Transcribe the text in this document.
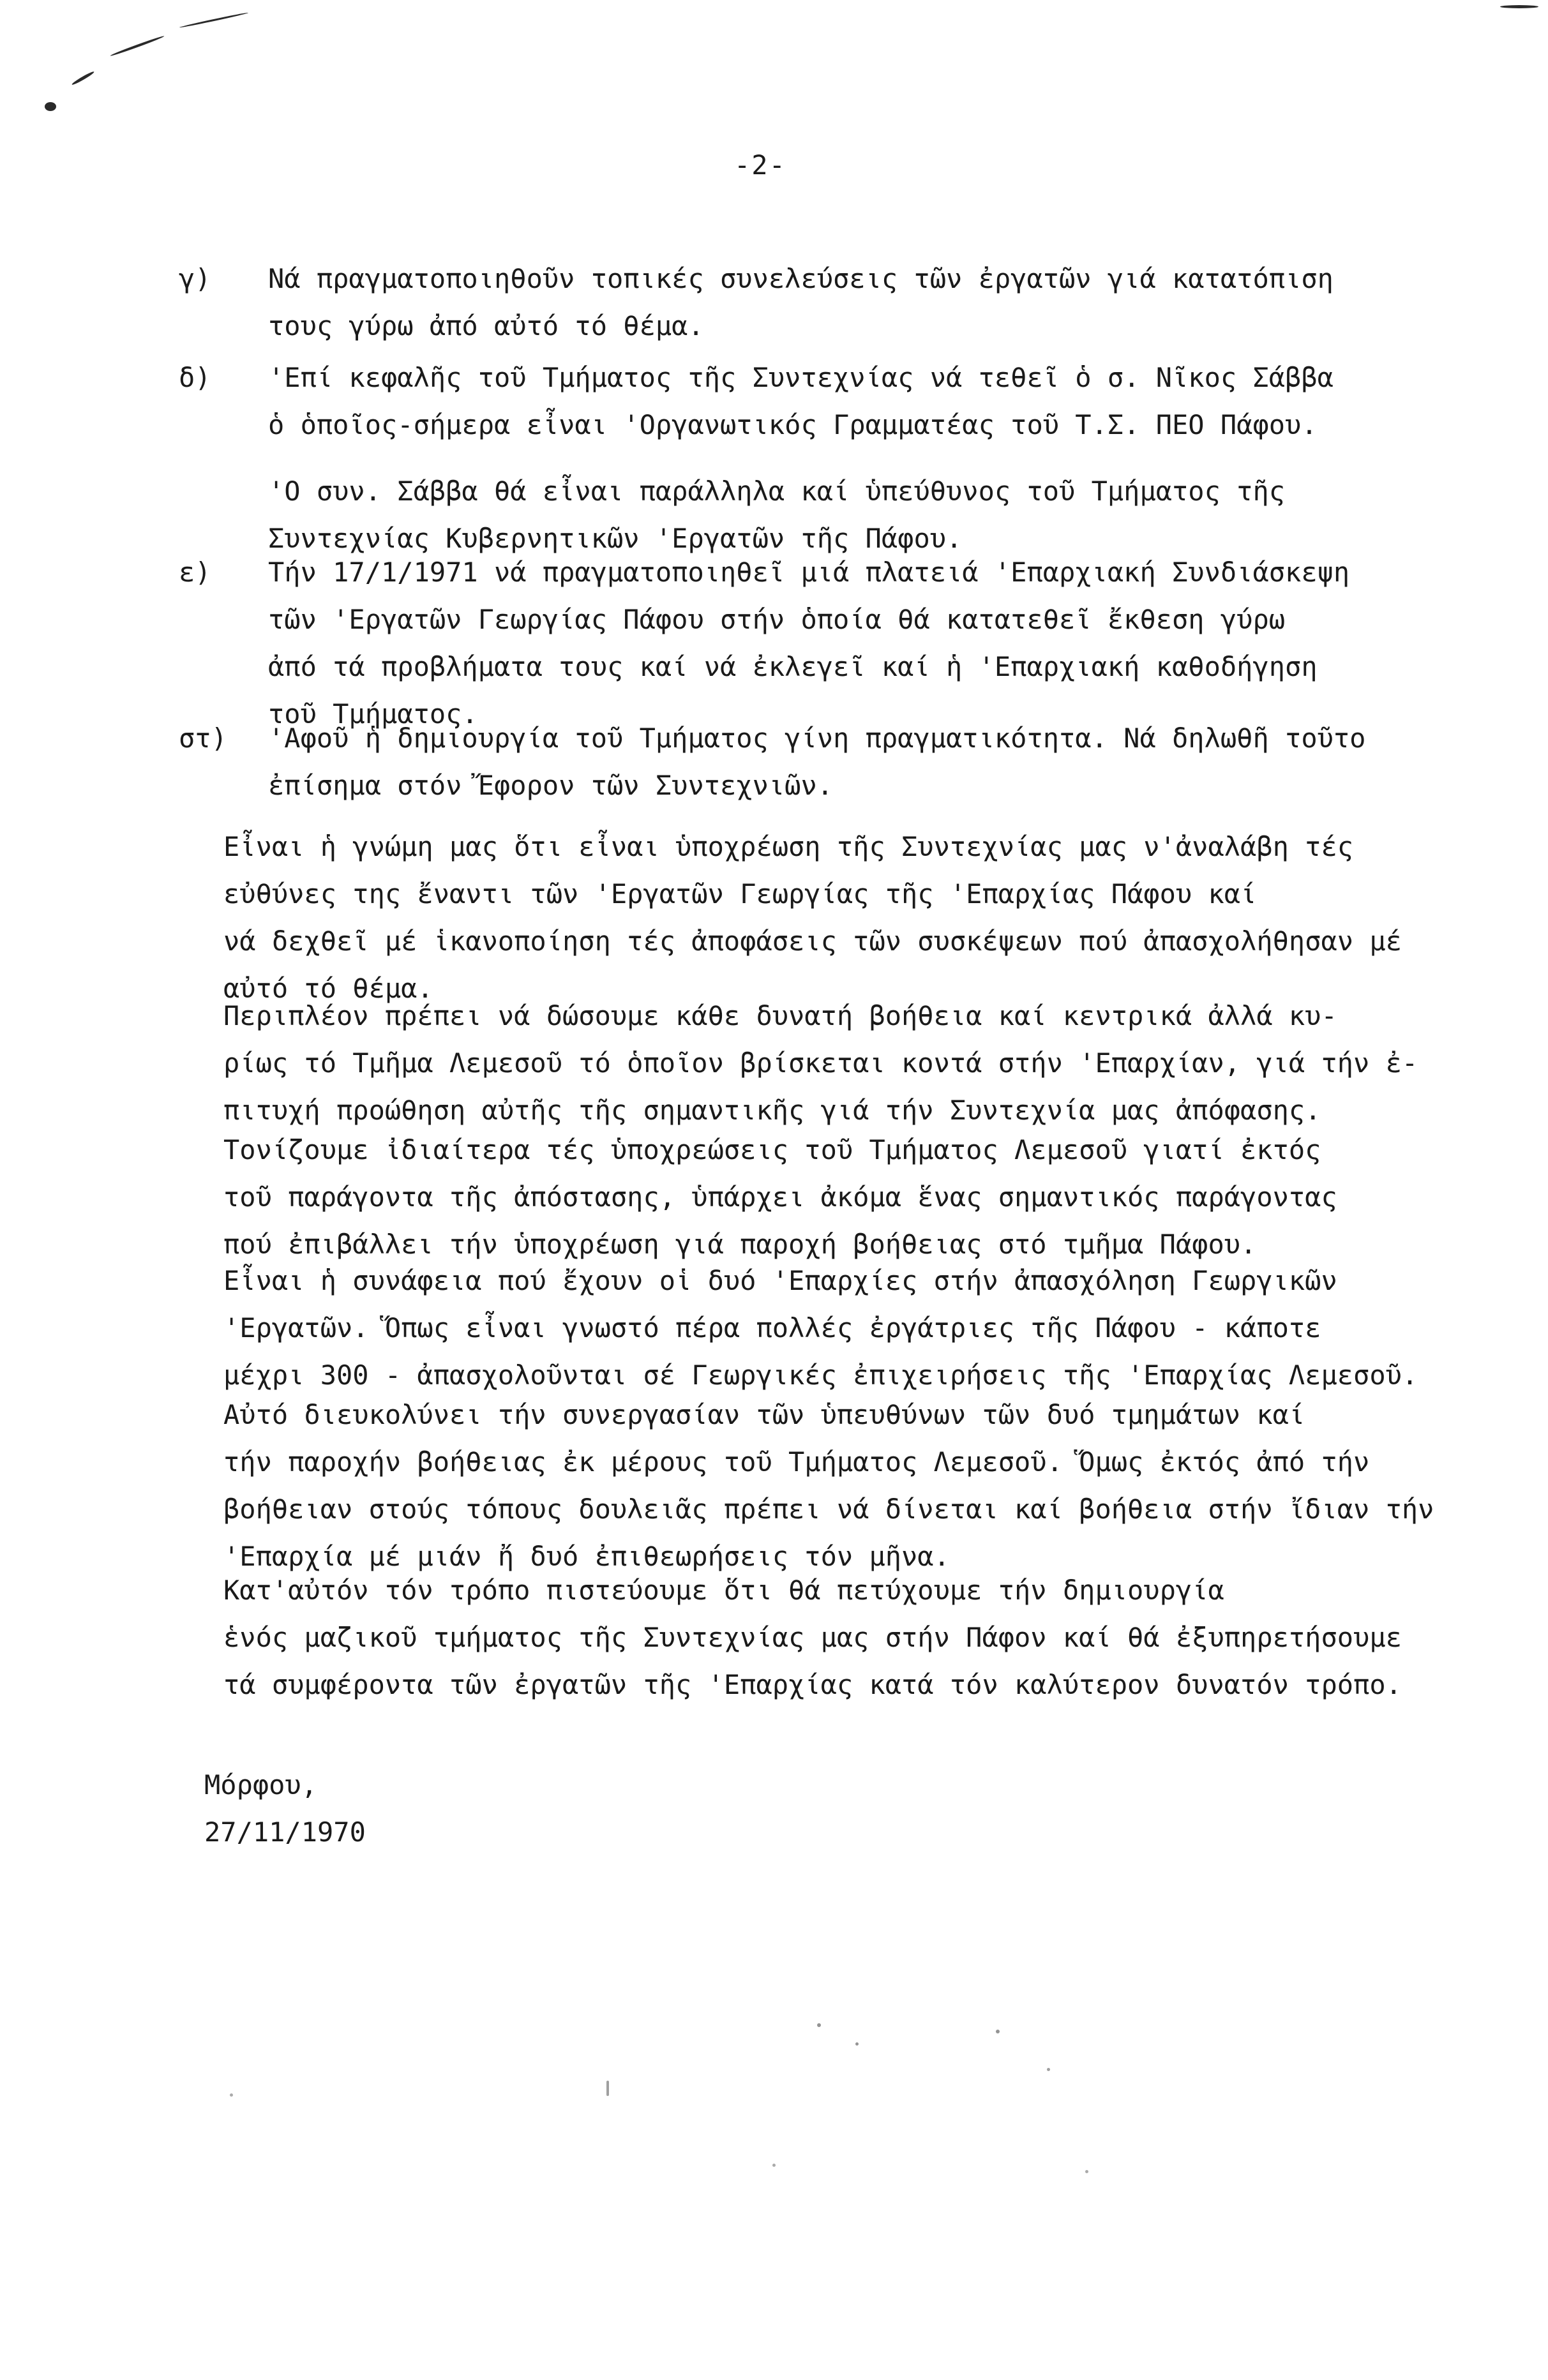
-2-
γ)	Νά πραγματοποιηθοῦν τοπικές συνελεύσεις τῶν ἐργατῶν γιά κατατόπιση
τους γύρω ἀπό αὐτό τό θέμα.
δ)	'Επί κεφαλῆς τοῦ Τμήματος τῆς Συντεχνίας νά τεθεῖ ὁ σ. Νῖκος Σάββα
ὁ ὁποῖος-σήμερα εἶναι 'Οργανωτικός Γραμματέας τοῦ Τ.Σ. ΠΕΟ Πάφου.
'Ο συν. Σάββα θά εἶναι παράλληλα καί ὑπεύθυνος τοῦ Τμήματος τῆς
Συντεχνίας Κυβερνητικῶν 'Εργατῶν τῆς Πάφου.
ε)	Τήν 17/1/1971 νά πραγματοποιηθεῖ μιά πλατειά 'Επαρχιακή Συνδιάσκεψη
τῶν 'Εργατῶν Γεωργίας Πάφου στήν ὁποία θά κατατεθεῖ ἔκθεση γύρω
ἀπό τά προβλήματα τους καί νά ἐκλεγεῖ καί ἡ 'Επαρχιακή καθοδήγηση
τοῦ Τμήματος.
στ)	'Αφοῦ ἡ δημιουργία τοῦ Τμήματος γίνη πραγματικότητα. Νά δηλωθῆ τοῦτο
ἐπίσημα στόν Ἔφορον τῶν Συντεχνιῶν.
Εἶναι ἡ γνώμη μας ὅτι εἶναι ὑποχρέωση τῆς Συντεχνίας μας ν'ἀναλάβη τές
εὐθύνες της ἔναντι τῶν 'Εργατῶν Γεωργίας τῆς 'Επαρχίας Πάφου καί
νά δεχθεῖ μέ ἱκανοποίηση τές ἀποφάσεις τῶν συσκέψεων πού ἀπασχολήθησαν μέ
αὐτό τό θέμα.
Περιπλέον πρέπει νά δώσουμε κάθε δυνατή βοήθεια καί κεντρικά ἀλλά κυ-
ρίως τό Τμῆμα Λεμεσοῦ τό ὁποῖον βρίσκεται κοντά στήν 'Επαρχίαν, γιά τήν ἐ-
πιτυχή προώθηση αὐτῆς τῆς σημαντικῆς γιά τήν Συντεχνία μας ἀπόφασης.
Τονίζουμε ἰδιαίτερα τές ὑποχρεώσεις τοῦ Τμήματος Λεμεσοῦ γιατί ἐκτός
τοῦ παράγοντα τῆς ἀπόστασης, ὑπάρχει ἀκόμα ἕνας σημαντικός παράγοντας
πού ἐπιβάλλει τήν ὑποχρέωση γιά παροχή βοήθειας στό τμῆμα Πάφου.
Εἶναι ἡ συνάφεια πού ἔχουν οἱ δυό 'Επαρχίες στήν ἀπασχόληση Γεωργικῶν
'Εργατῶν. Ὅπως εἶναι γνωστό πέρα πολλές ἐργάτριες τῆς Πάφου - κάποτε
μέχρι 300 - ἀπασχολοῦνται σέ Γεωργικές ἐπιχειρήσεις τῆς 'Επαρχίας Λεμεσοῦ.
Αὐτό διευκολύνει τήν συνεργασίαν τῶν ὑπευθύνων τῶν δυό τμημάτων καί
τήν παροχήν βοήθειας ἐκ μέρους τοῦ Τμήματος Λεμεσοῦ. Ὅμως ἐκτός ἀπό τήν
βοήθειαν στούς τόπους δουλειᾶς πρέπει νά δίνεται καί βοήθεια στήν ἴδιαν τήν
'Επαρχία μέ μιάν ἤ δυό ἐπιθεωρήσεις τόν μῆνα.
Κατ'αὐτόν τόν τρόπο πιστεύουμε ὅτι θά πετύχουμε τήν δημιουργία
ἑνός μαζικοῦ τμήματος τῆς Συντεχνίας μας στήν Πάφον καί θά ἐξυπηρετήσουμε
τά συμφέροντα τῶν ἐργατῶν τῆς 'Επαρχίας κατά τόν καλύτερον δυνατόν τρόπο.
Μόρφου,
27/11/1970
